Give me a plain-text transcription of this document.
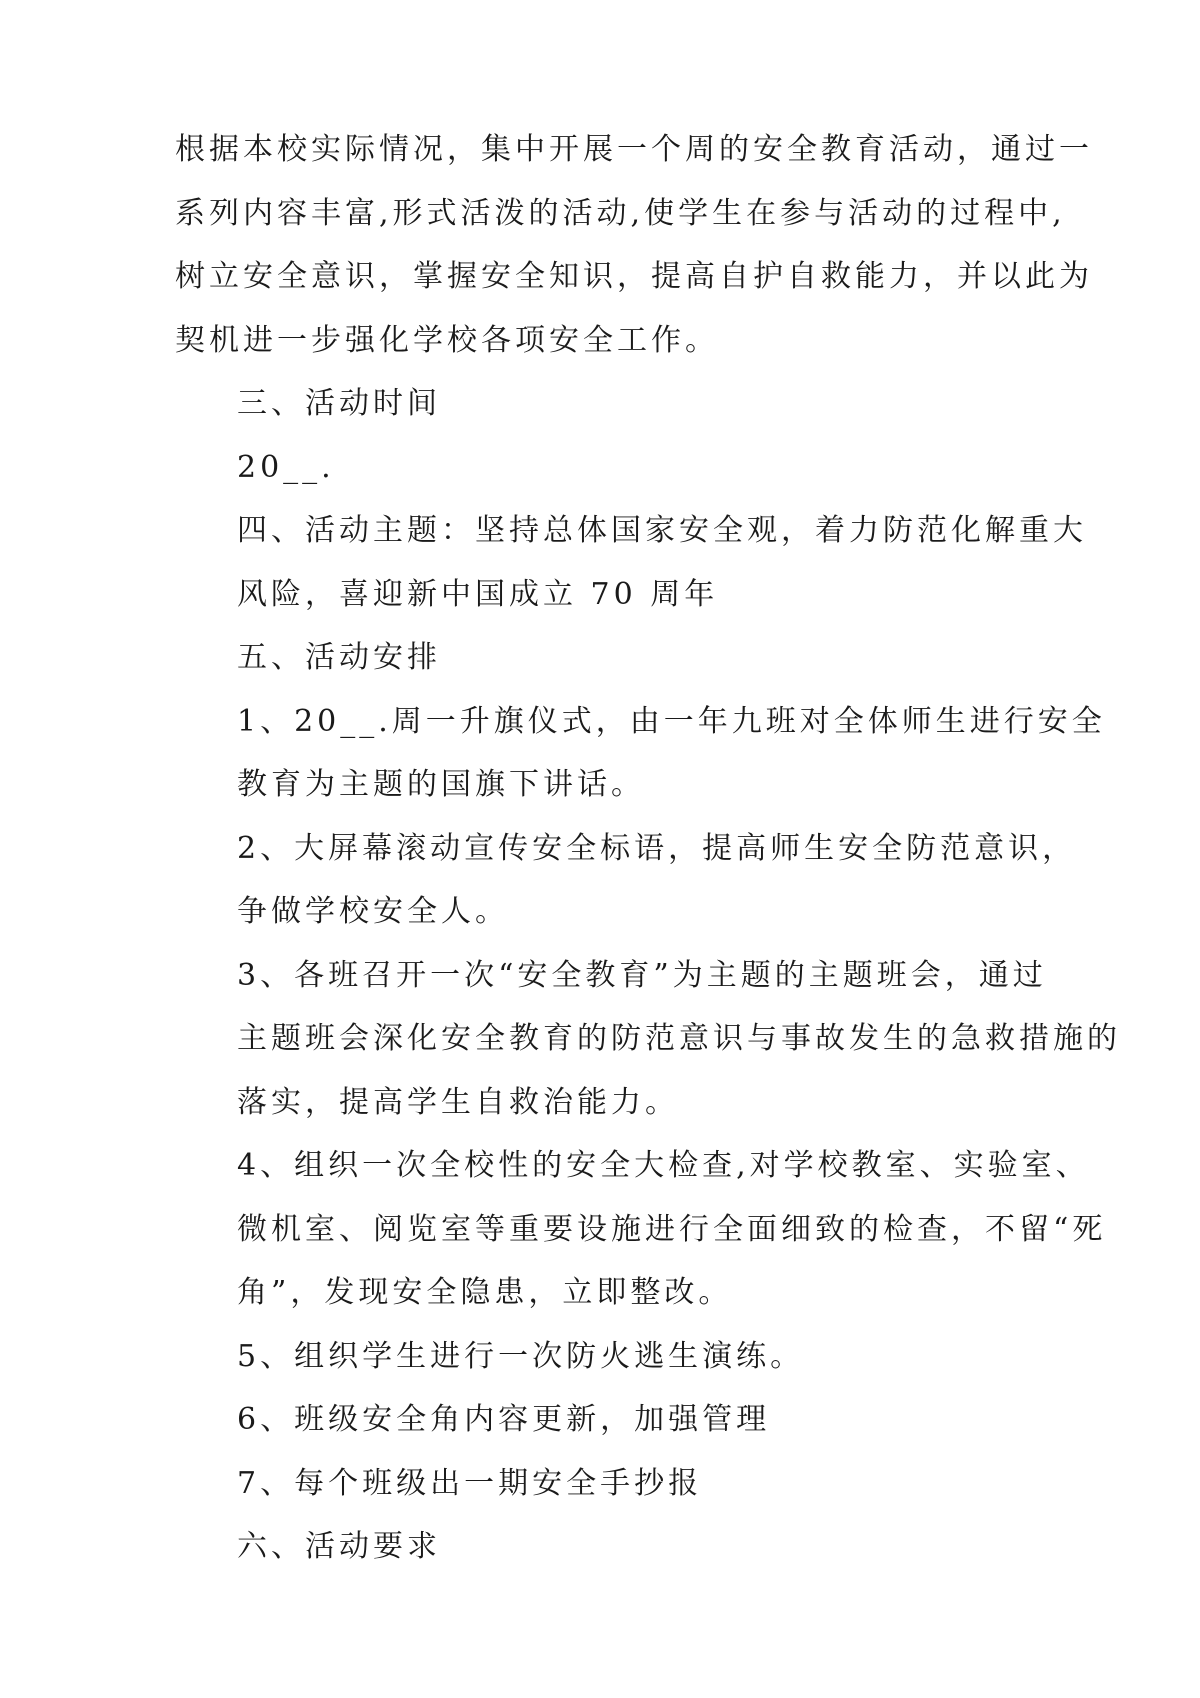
根据本校实际情况，集中开展一个周的安全教育活动，通过一
系列内容丰富,形式活泼的活动,使学生在参与活动的过程中,
树立安全意识，掌握安全知识，提高自护自救能力，并以此为
契机进一步强化学校各项安全工作。

三、活动时间

20__.

四、活动主题：坚持总体国家安全观，着力防范化解重大
风险，喜迎新中国成立 70 周年

五、活动安排

1、20__.周一升旗仪式，由一年九班对全体师生进行安全
教育为主题的国旗下讲话。

2、大屏幕滚动宣传安全标语，提高师生安全防范意识，
争做学校安全人。

3、各班召开一次“安全教育”为主题的主题班会，通过
主题班会深化安全教育的防范意识与事故发生的急救措施的
落实，提高学生自救治能力。

4、组织一次全校性的安全大检查,对学校教室、实验室、
微机室、阅览室等重要设施进行全面细致的检查，不留“死
角”，发现安全隐患，立即整改。

5、组织学生进行一次防火逃生演练。

6、班级安全角内容更新，加强管理

7、每个班级出一期安全手抄报

六、活动要求
